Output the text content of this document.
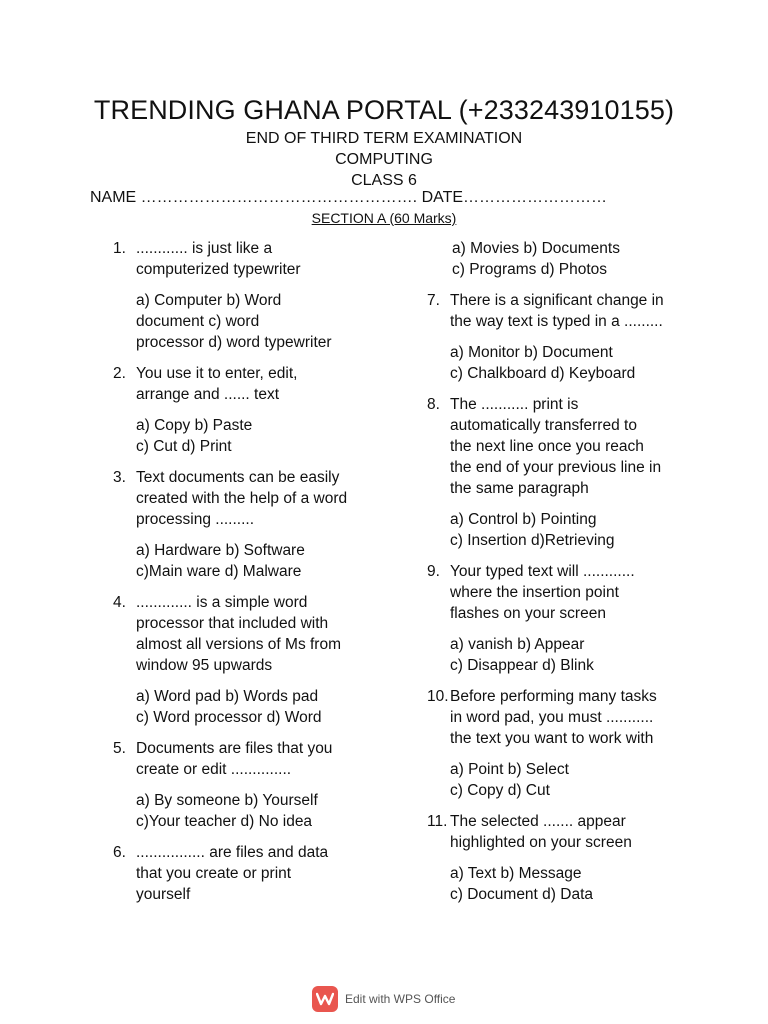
TRENDING GHANA PORTAL (+233243910155)
END OF THIRD TERM EXAMINATION
COMPUTING
CLASS 6
NAME ……………………………………………. DATE………………………
SECTION A (60 Marks)
1. ............ is just like a
computerized typewriter
a) Computer b) Word
document c) word
processor d) word typewriter
2. You use it to enter, edit,
arrange and ...... text
a) Copy b) Paste
c) Cut d) Print
3. Text documents can be easily
created with the help of a word
processing .........
a) Hardware b) Software
c)Main ware d) Malware
4. ............. is a simple word
processor that included with
almost all versions of Ms from
window 95 upwards
a) Word pad b) Words pad
c) Word processor d) Word
5. Documents are files that you
create or edit ..............
a) By someone b) Yourself
c)Your teacher d) No idea
6. ................ are files and data
that you create or print
yourself
a) Movies b) Documents
c) Programs d) Photos
7. There is a significant change in
the way text is typed in a .........
a) Monitor b) Document
c) Chalkboard d) Keyboard
8. The ........... print is
automatically transferred to
the next line once you reach
the end of your previous line in
the same paragraph
a) Control b) Pointing
c) Insertion d)Retrieving
9. Your typed text will ............
where the insertion point
flashes on your screen
a) vanish b) Appear
c) Disappear d) Blink
10. Before performing many tasks
in word pad, you must ...........
the text you want to work with
a) Point b) Select
c) Copy d) Cut
11. The selected ....... appear
highlighted on your screen
a) Text b) Message
c) Document d) Data
Edit with WPS Office
